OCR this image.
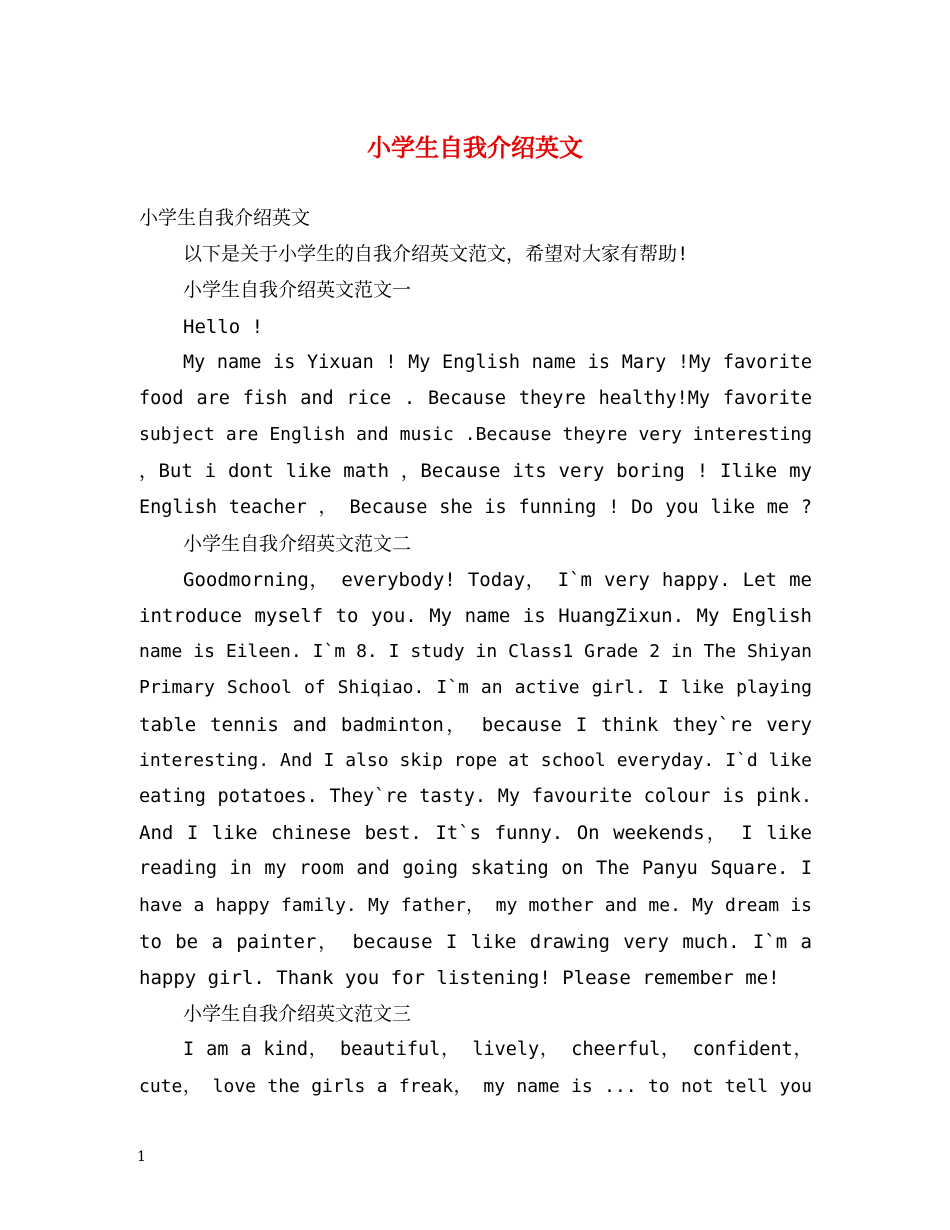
小学生自我介绍英文
小学生自我介绍英文
以下是关于小学生的自我介绍英文范文，希望对大家有帮助!
小学生自我介绍英文范文一
Hello !
My name is Yixuan ! My English name is Mary !My favorite
food are fish and rice . Because theyre healthy!My favorite
subject are English and music .Because theyre very interesting
，But i dont like math ，Because its very boring ! Ilike my
English teacher ， Because she is funning ! Do you like me ?
小学生自我介绍英文范文二
Goodmorning， everybody! Today， I`m very happy. Let me
introduce myself to you. My name is HuangZixun. My English
name is Eileen. I`m 8. I study in Class1 Grade 2 in The Shiyan
Primary School of Shiqiao. I`m an active girl. I like playing
table tennis and badminton， because I think they`re very
interesting. And I also skip rope at school everyday. I`d like
eating potatoes. They`re tasty. My favourite colour is pink.
And I like chinese best. It`s funny. On weekends， I like
reading in my room and going skating on The Panyu Square. I
have a happy family. My father， my mother and me. My dream is
to be a painter， because I like drawing very much. I`m a
happy girl. Thank you for listening! Please remember me!
小学生自我介绍英文范文三
I am a kind， beautiful， lively， cheerful， confident，
cute， love the girls a freak， my name is ... to not tell you
1
